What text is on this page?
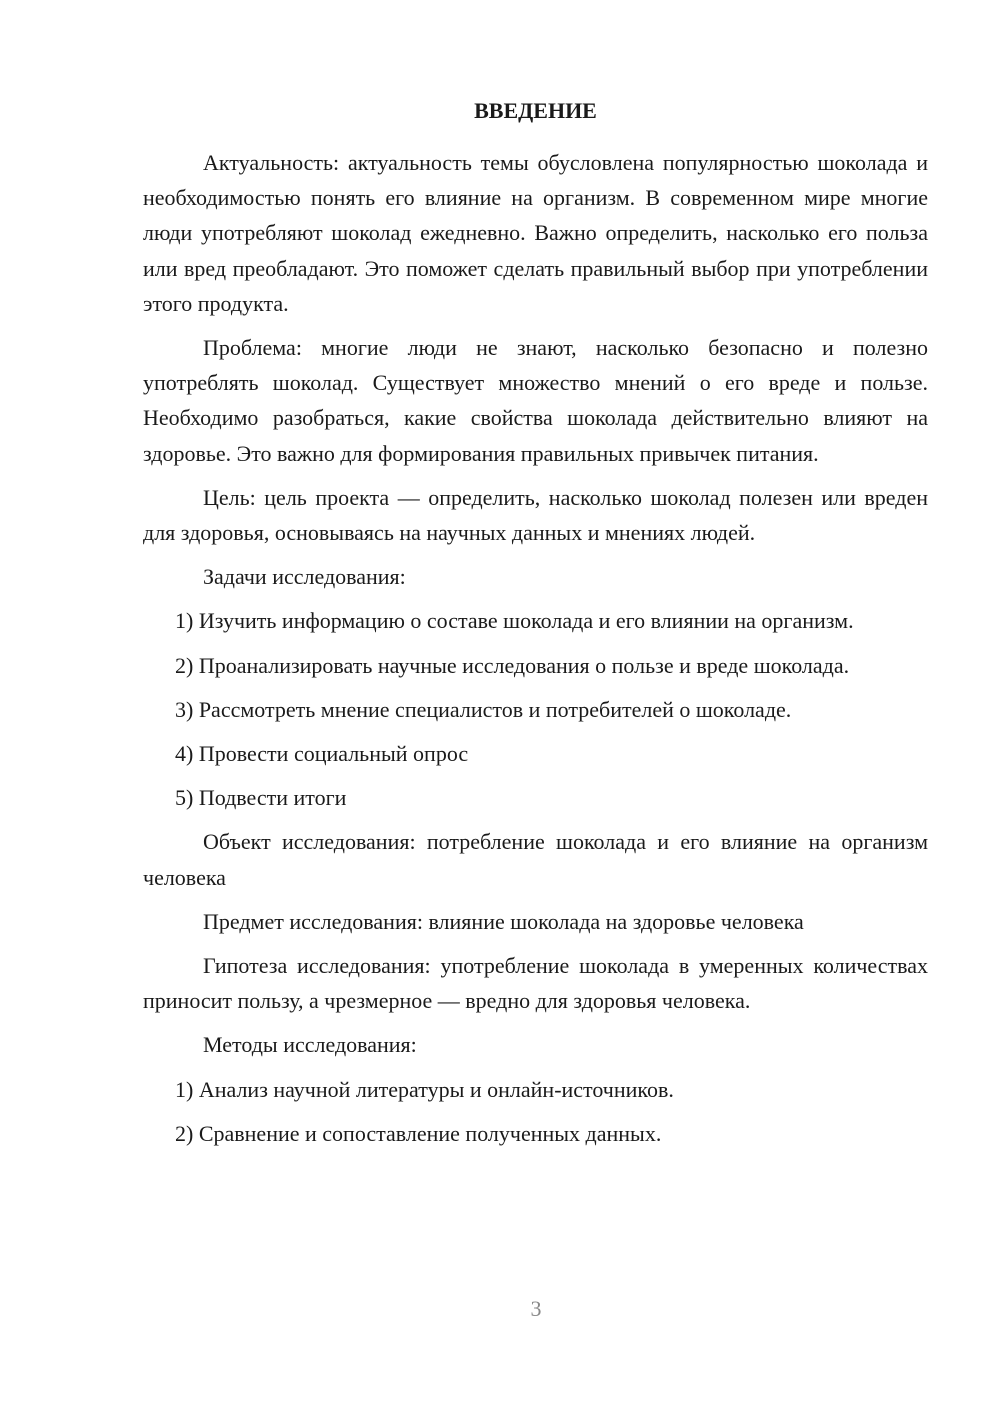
ВВЕДЕНИЕ

Актуальность: актуальность темы обусловлена популярностью шоколада и необходимостью понять его влияние на организм. В современном мире многие люди употребляют шоколад ежедневно. Важно определить, насколько его польза или вред преобладают. Это поможет сделать правильный выбор при употреблении этого продукта.

Проблема: многие люди не знают, насколько безопасно и полезно употреблять шоколад. Существует множество мнений о его вреде и пользе. Необходимо разобраться, какие свойства шоколада действительно влияют на здоровье. Это важно для формирования правильных привычек питания.

Цель: цель проекта — определить, насколько шоколад полезен или вреден для здоровья, основываясь на научных данных и мнениях людей.

Задачи исследования:

1) Изучить информацию о составе шоколада и его влиянии на организм.

2) Проанализировать научные исследования о пользе и вреде шоколада.

3) Рассмотреть мнение специалистов и потребителей о шоколаде.

4) Провести социальный опрос

5) Подвести итоги

Объект исследования: потребление шоколада и его влияние на организм человека

Предмет исследования: влияние шоколада на здоровье человека

Гипотеза исследования: употребление шоколада в умеренных количествах приносит пользу, а чрезмерное — вредно для здоровья человека.

Методы исследования:

1) Анализ научной литературы и онлайн-источников.

2) Сравнение и сопоставление полученных данных.

3
